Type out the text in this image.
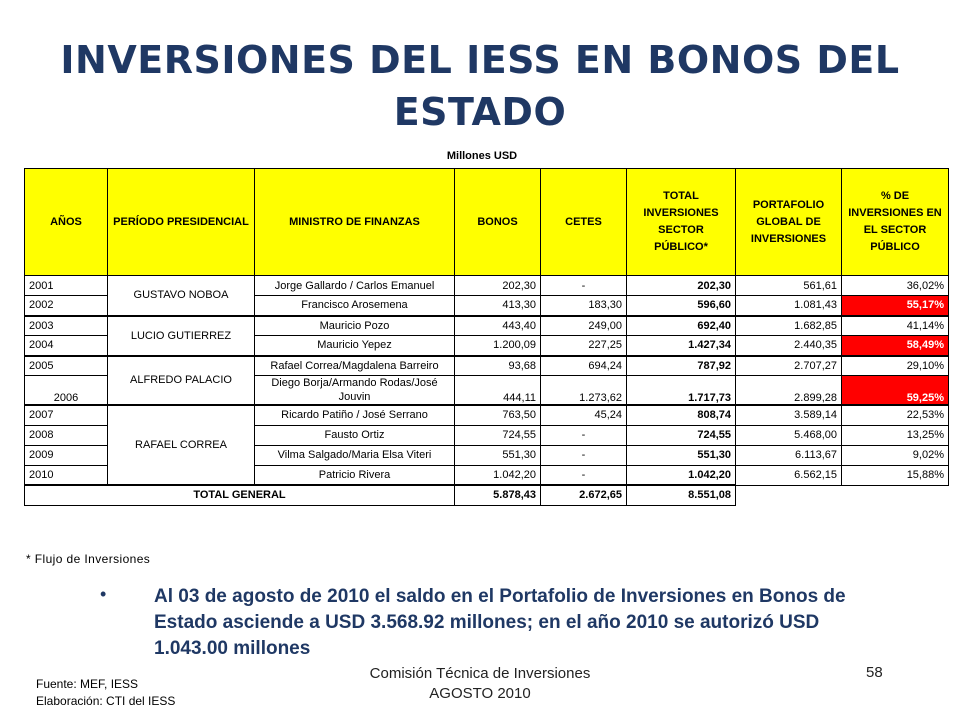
INVERSIONES DEL IESS EN BONOS DEL ESTADO
Millones USD
AÑOS	PERÍODO PRESIDENCIAL	MINISTRO DE FINANZAS	BONOS	CETES	TOTAL INVERSIONES SECTOR PÚBLICO*	PORTAFOLIO GLOBAL DE INVERSIONES	% DE INVERSIONES EN EL SECTOR PÚBLICO
2001	GUSTAVO NOBOA	Jorge Gallardo / Carlos Emanuel	202,30	-	202,30	561,61	36,02%
2002		Francisco Arosemena	413,30	183,30	596,60	1.081,43	55,17%
2003	LUCIO GUTIERREZ	Mauricio Pozo	443,40	249,00	692,40	1.682,85	41,14%
2004		Mauricio Yepez	1.200,09	227,25	1.427,34	2.440,35	58,49%
2005	ALFREDO PALACIO	Rafael Correa/Magdalena Barreiro	93,68	694,24	787,92	2.707,27	29,10%
2006		Diego Borja/Armando Rodas/José Jouvin	444,11	1.273,62	1.717,73	2.899,28	59,25%
2007	RAFAEL CORREA	Ricardo Patiño / José Serrano	763,50	45,24	808,74	3.589,14	22,53%
2008		Fausto Ortiz	724,55	-	724,55	5.468,00	13,25%
2009		Vilma Salgado/Maria Elsa Viteri	551,30	-	551,30	6.113,67	9,02%
2010		Patricio Rivera	1.042,20	-	1.042,20	6.562,15	15,88%
TOTAL GENERAL			5.878,43	2.672,65	8.551,08		
* Flujo de Inversiones
•	Al 03 de agosto de 2010 el saldo en el Portafolio de Inversiones en Bonos de Estado asciende a USD 3.568.92 millones; en el año 2010 se autorizó USD 1.043.00 millones
Fuente: MEF, IESS
Elaboración: CTI del IESS
Comisión Técnica de Inversiones
AGOSTO 2010
58
